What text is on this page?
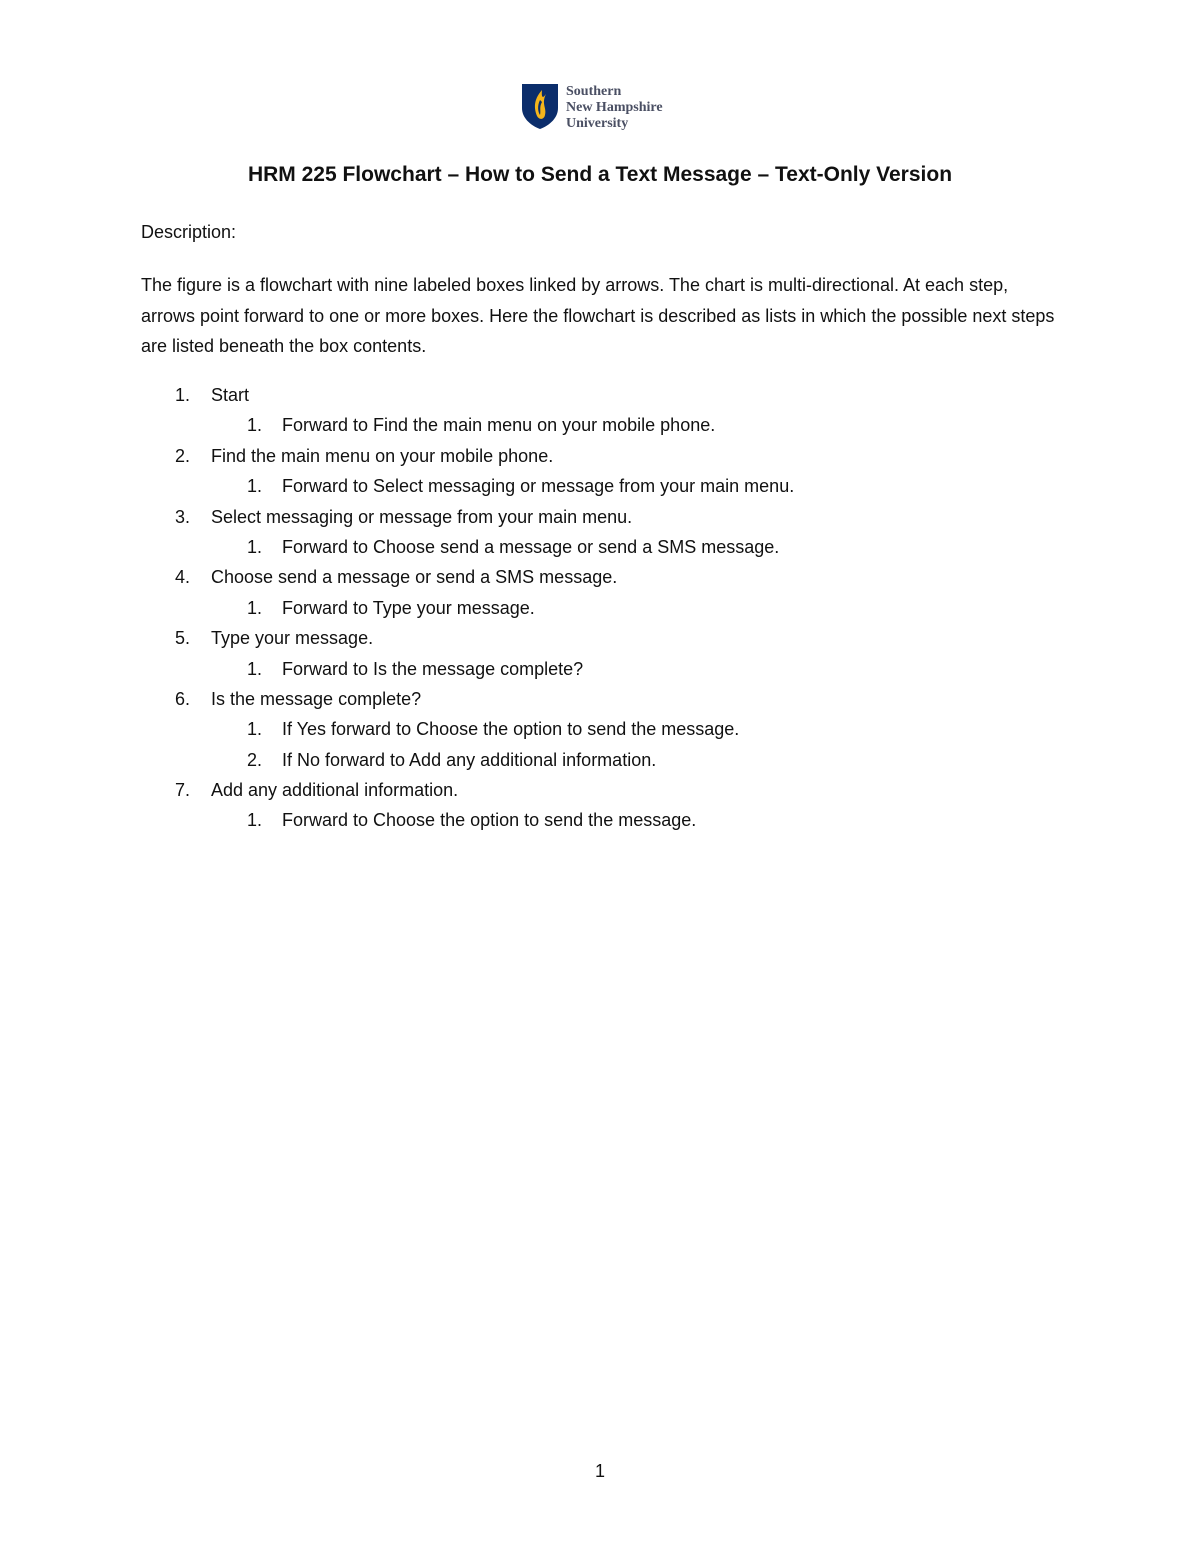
Southern
New Hampshire
University
HRM 225 Flowchart – How to Send a Text Message – Text-Only Version

Description:

The figure is a flowchart with nine labeled boxes linked by arrows. The chart is multi-directional. At each step, arrows point forward to one or more boxes. Here the flowchart is described as lists in which the possible next steps are listed beneath the box contents.

1.	Start
1.	Forward to Find the main menu on your mobile phone.
2.	Find the main menu on your mobile phone.
1.	Forward to Select messaging or message from your main menu.
3.	Select messaging or message from your main menu.
1.	Forward to Choose send a message or send a SMS message.
4.	Choose send a message or send a SMS message.
1.	Forward to Type your message.
5.	Type your message.
1.	Forward to Is the message complete?
6.	Is the message complete?
1.	If Yes forward to Choose the option to send the message.
2.	If No forward to Add any additional information.
7.	Add any additional information.
1.	Forward to Choose the option to send the message.
1
